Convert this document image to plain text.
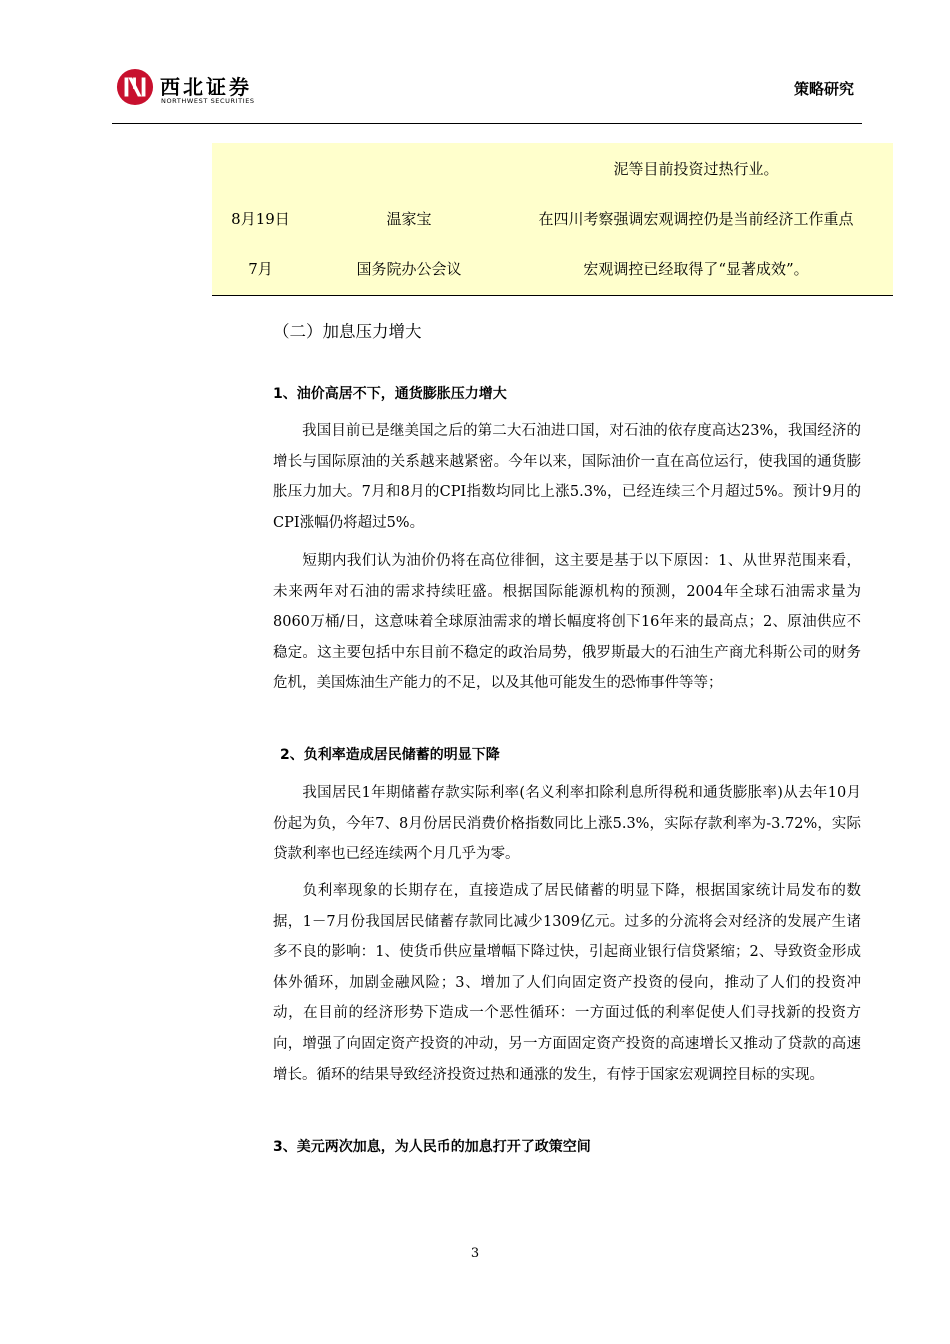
西北证券
NORTHWEST SECURITIES
策略研究
泥等目前投资过热行业。
8月19日	温家宝	在四川考察强调宏观调控仍是当前经济工作重点
7月	国务院办公会议	宏观调控已经取得了“显著成效”。
（二）加息压力增大
1、油价高居不下，通货膨胀压力增大
我国目前已是继美国之后的第二大石油进口国，对石油的依存度高达23%，我国经济的增长与国际原油的关系越来越紧密。今年以来，国际油价一直在高位运行，使我国的通货膨胀压力加大。7月和8月的CPI指数均同比上涨5.3%，已经连续三个月超过5%。预计9月的CPI涨幅仍将超过5%。
短期内我们认为油价仍将在高位徘徊，这主要是基于以下原因：1、从世界范围来看，未来两年对石油的需求持续旺盛。根据国际能源机构的预测，2004年全球石油需求量为8060万桶/日，这意味着全球原油需求的增长幅度将创下16年来的最高点；2、原油供应不稳定。这主要包括中东目前不稳定的政治局势，俄罗斯最大的石油生产商尤科斯公司的财务危机，美国炼油生产能力的不足，以及其他可能发生的恐怖事件等等；
2、负利率造成居民储蓄的明显下降
我国居民1年期储蓄存款实际利率(名义利率扣除利息所得税和通货膨胀率)从去年10月份起为负，今年7、8月份居民消费价格指数同比上涨5.3%，实际存款利率为-3.72%，实际贷款利率也已经连续两个月几乎为零。
负利率现象的长期存在，直接造成了居民储蓄的明显下降，根据国家统计局发布的数据，1－7月份我国居民储蓄存款同比减少1309亿元。过多的分流将会对经济的发展产生诸多不良的影响：1、使货币供应量增幅下降过快，引起商业银行信贷紧缩；2、导致资金形成体外循环，加剧金融风险；3、增加了人们向固定资产投资的侵向，推动了人们的投资冲动，在目前的经济形势下造成一个恶性循环：一方面过低的利率促使人们寻找新的投资方向，增强了向固定资产投资的冲动，另一方面固定资产投资的高速增长又推动了贷款的高速增长。循环的结果导致经济投资过热和通涨的发生，有悖于国家宏观调控目标的实现。
3、美元两次加息，为人民币的加息打开了政策空间
3
